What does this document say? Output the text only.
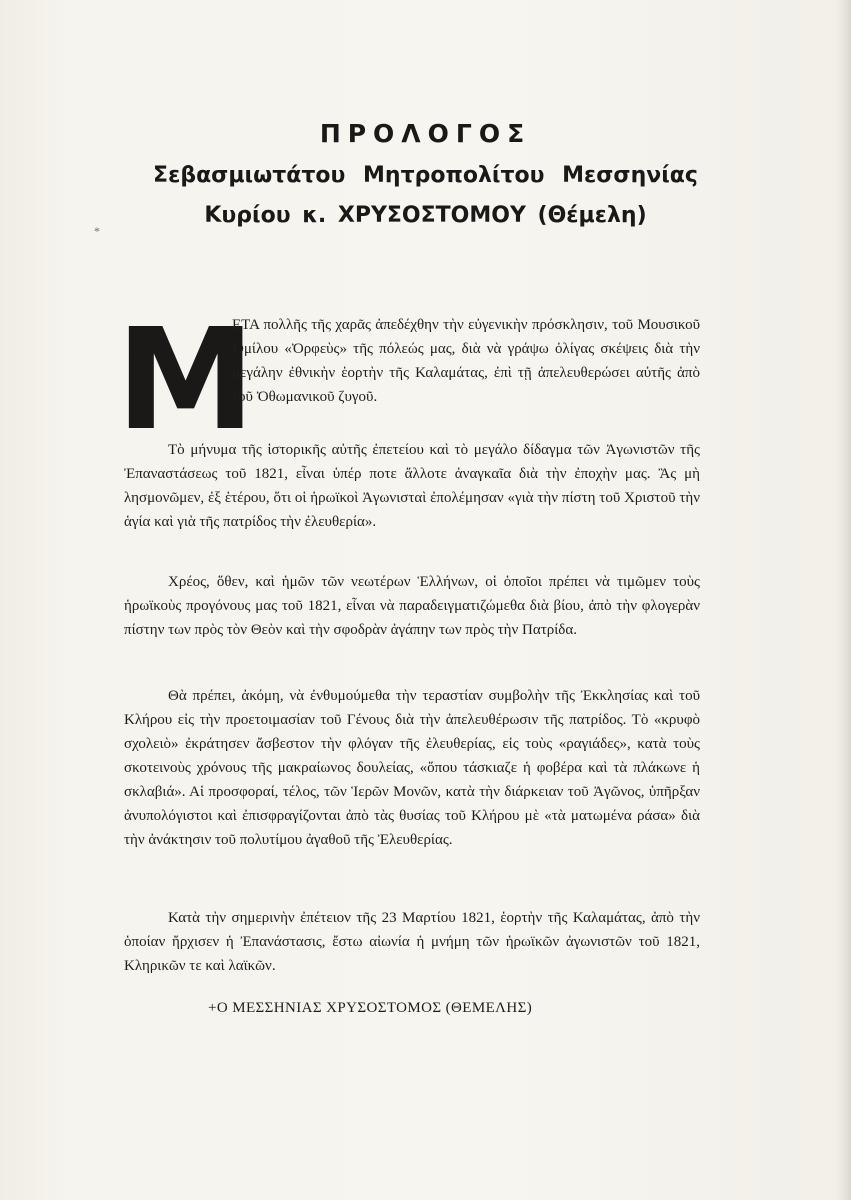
*

ΠΡΟΛΟΓΟΣ

Σεβασμιωτάτου Μητροπολίτου Μεσσηνίας

Κυρίου κ. ΧΡΥΣΟΣΤΟΜΟΥ (Θέμελη)

Μ

ΕΤΑ πολλῆς τῆς χαρᾶς ἀπεδέχθην τὴν εὐγενικὴν πρόσκλησιν, τοῦ Μουσικοῦ Ὁμίλου «Ὀρφεὺς» τῆς πόλεώς μας, διὰ νὰ γράψω ὀλίγας σκέψεις διὰ τὴν μεγάλην ἐθνικὴν ἑορτὴν τῆς Καλαμάτας, ἐπὶ τῇ ἀπελευθερώσει αὐτῆς ἀπὸ τοῦ Ὀθωμανικοῦ ζυγοῦ.

Τὸ μήνυμα τῆς ἱστορικῆς αὐτῆς ἐπετείου καὶ τὸ μεγάλο δίδαγμα τῶν Ἀγωνιστῶν τῆς Ἐπαναστάσεως τοῦ 1821, εἶναι ὑπέρ ποτε ἄλλοτε ἀναγκαῖα διὰ τὴν ἐποχὴν μας. Ἂς μὴ λησμονῶμεν, ἐξ ἑτέρου, ὅτι οἱ ἡρωϊκοὶ Ἀγωνισταὶ ἐπολέμησαν «γιὰ τὴν πίστη τοῦ Χριστοῦ τὴν ἁγία καὶ γιὰ τῆς πατρίδος τὴν ἐλευθερία».

Χρέος, ὅθεν, καὶ ἡμῶν τῶν νεωτέρων Ἑλλήνων, οἱ ὁποῖοι πρέπει νὰ τιμῶμεν τοὺς ἡρωϊκοὺς προγόνους μας τοῦ 1821, εἶναι νὰ παραδειγματιζώμεθα διὰ βίου, ἀπὸ τὴν φλογερὰν πίστην των πρὸς τὸν Θεὸν καὶ τὴν σφοδρὰν ἀγάπην των πρὸς τὴν Πατρίδα.

Θὰ πρέπει, ἀκόμη, νὰ ἐνθυμούμεθα τὴν τεραστίαν συμβολὴν τῆς Ἐκκλησίας καὶ τοῦ Κλήρου εἰς τὴν προετοιμασίαν τοῦ Γένους διὰ τὴν ἀπελευθέρωσιν τῆς πατρίδος. Τὸ «κρυφὸ σχολειὸ» ἐκράτησεν ἄσβεστον τὴν φλόγαν τῆς ἐλευθερίας, εἰς τοὺς «ραγιάδες», κατὰ τοὺς σκοτεινοὺς χρόνους τῆς μακραίωνος δουλείας, «ὅπου τάσκιαζε ἡ φοβέρα καὶ τὰ πλάκωνε ἡ σκλαβιά». Αἱ προσφοραί, τέλος, τῶν Ἱερῶν Μονῶν, κατὰ τὴν διάρκειαν τοῦ Ἀγῶνος, ὑπῆρξαν ἀνυπολόγιστοι καὶ ἐπισφραγίζονται ἀπὸ τὰς θυσίας τοῦ Κλήρου μὲ «τὰ ματωμένα ράσα» διὰ τὴν ἀνάκτησιν τοῦ πολυτίμου ἀγαθοῦ τῆς Ἐλευθερίας.

Κατὰ τὴν σημερινὴν ἐπέτειον τῆς 23 Μαρτίου 1821, ἑορτὴν τῆς Καλαμάτας, ἀπὸ τὴν ὁποίαν ἤρχισεν ἡ Ἐπανάστασις, ἔστω αἰωνία ἡ μνήμη τῶν ἡρωϊκῶν ἀγωνιστῶν τοῦ 1821, Κληρικῶν τε καὶ λαϊκῶν.

+Ο ΜΕΣΣΗΝΙΑΣ ΧΡΥΣΟΣΤΟΜΟΣ (ΘΕΜΕΛΗΣ)
